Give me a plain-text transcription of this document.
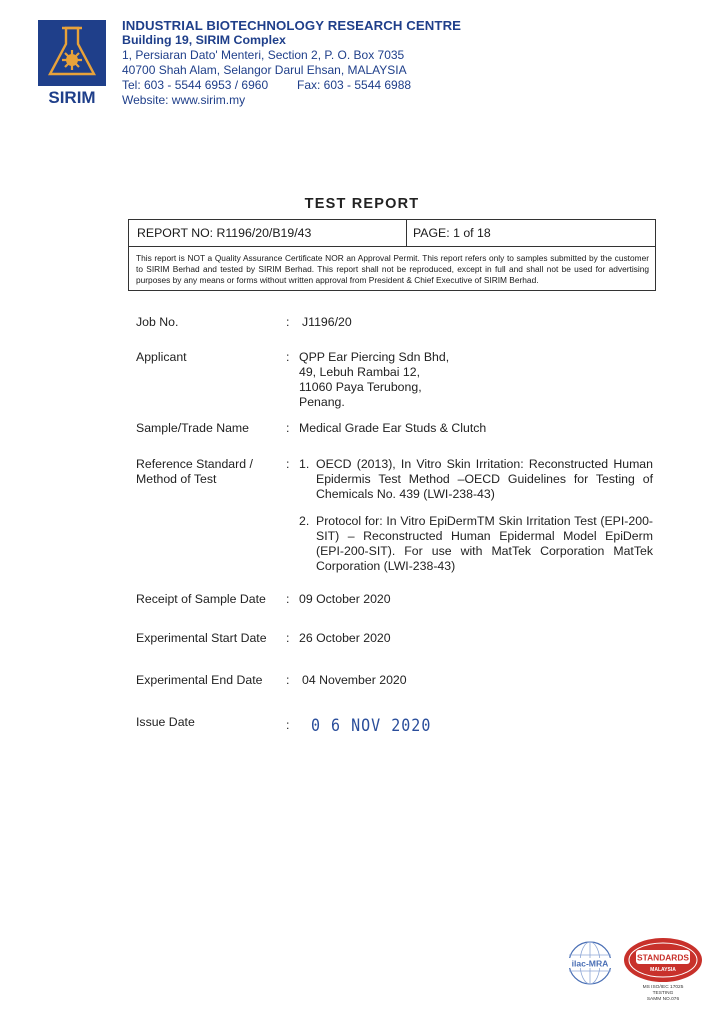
SIRIM
INDUSTRIAL BIOTECHNOLOGY RESEARCH CENTRE
Building 19, SIRIM Complex
1, Persiaran Dato' Menteri, Section 2, P. O. Box 7035
40700 Shah Alam, Selangor Darul Ehsan, MALAYSIA
Tel: 603 - 5544 6953 / 6960	Fax: 603 - 5544 6988
Website: www.sirim.my
TEST REPORT
REPORT NO: R1196/20/B19/43	PAGE: 1 of 18
This report is NOT a Quality Assurance Certificate NOR an Approval Permit. This report refers only to samples submitted by the customer to SIRIM Berhad and tested by SIRIM Berhad. This report shall not be reproduced, except in full and shall not be used for advertising purposes by any means or forms without written approval from President & Chief Executive of SIRIM Berhad.
Job No.	: J1196/20
Applicant	: QPP Ear Piercing Sdn Bhd,
49, Lebuh Rambai 12,
11060 Paya Terubong,
Penang.
Sample/Trade Name	: Medical Grade Ear Studs & Clutch
Reference Standard /
Method of Test
: 1. OECD (2013), In Vitro Skin Irritation: Reconstructed Human Epidermis Test Method –OECD Guidelines for Testing of Chemicals No. 439 (LWI-238-43)
2. Protocol for: In Vitro EpiDermTM Skin Irritation Test (EPI-200-SIT) – Reconstructed Human Epidermal Model EpiDerm (EPI-200-SIT). For use with MatTek Corporation MatTek Corporation (LWI-238-43)
Receipt of Sample Date : 09 October 2020
Experimental Start Date : 26 October 2020
Experimental End Date : 04 November 2020
Issue Date	: 0 6 NOV 2020
ilac-MRA
STANDARDS
MALAYSIA
MS ISO/IEC 17025
TESTING
SAMM NO.076
